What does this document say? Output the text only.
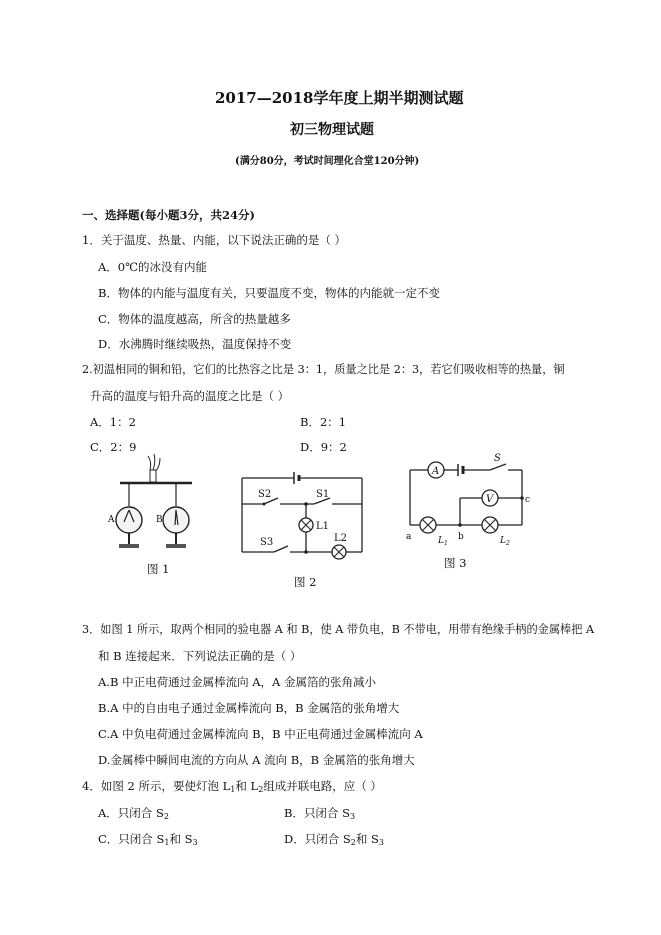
2017—2018学年度上期半期测试题
初三物理试题
(满分80分，考试时间理化合堂120分钟)
一、选择题(每小题3分，共24分)
1．关于温度、热量、内能，以下说法正确的是（ ）
A．0℃的冰没有内能
B．物体的内能与温度有关，只要温度不变，物体的内能就一定不变
C．物体的温度越高，所含的热量越多
D．水沸腾时继续吸热，温度保持不变
2.初温相同的铜和铅，它们的比热容之比是 3：1，质量之比是 2：3，若它们吸收相等的热量，铜
升高的温度与铅升高的温度之比是（ ）
A．1：2	B．2：1
C．2：9	D．9：2
A	B
图 1
S2	S1
L1
L2
S3
图 2
A
V
S
a	b
c
$L_1$	$L_2$
图 3
3．如图 1 所示，取两个相同的验电器 A 和 B，使 A 带负电，B 不带电，用带有绝缘手柄的金属棒把 A
和 B 连接起来．下列说法正确的是（ ）
A.B 中正电荷通过金属棒流向 A，A 金属箔的张角减小
B.A 中的自由电子通过金属棒流向 B，B 金属箔的张角增大
C.A 中负电荷通过金属棒流向 B，B 中正电荷通过金属棒流向 A
D.金属棒中瞬间电流的方向从 A 流向 B，B 金属箔的张角增大
4．如图 2 所示，要使灯泡 $L_1$和 $L_2$组成并联电路，应（ ）
A．只闭合 $S_2$	B．只闭合 $S_3$
C．只闭合 $S_1$和 $S_3$	D．只闭合 $S_2$和 $S_3$
